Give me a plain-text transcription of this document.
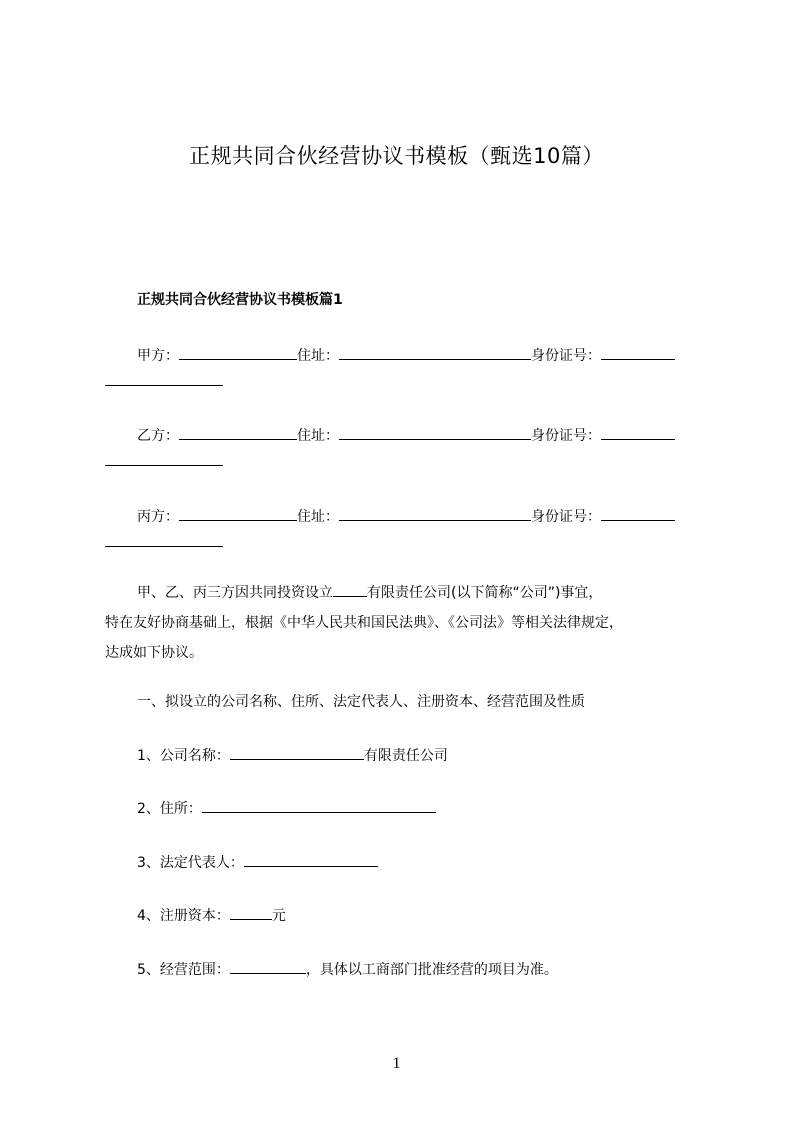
正规共同合伙经营协议书模板（甄选10篇）
正规共同合伙经营协议书模板篇1
甲方：	住址：	身份证号：
乙方：	住址：	身份证号：
丙方：	住址：	身份证号：
甲、乙、丙三方因共同投资设立 有限责任公司(以下简称“公司”)事宜，
特在友好协商基础上，根据《中华人民共和国民法典》、《公司法》等相关法律规定，
达成如下协议。
一、拟设立的公司名称、住所、法定代表人、注册资本、经营范围及性质
1、公司名称：	有限责任公司
2、住所：
3、法定代表人：
4、注册资本：	元
5、经营范围：	，具体以工商部门批准经营的项目为准。
1
